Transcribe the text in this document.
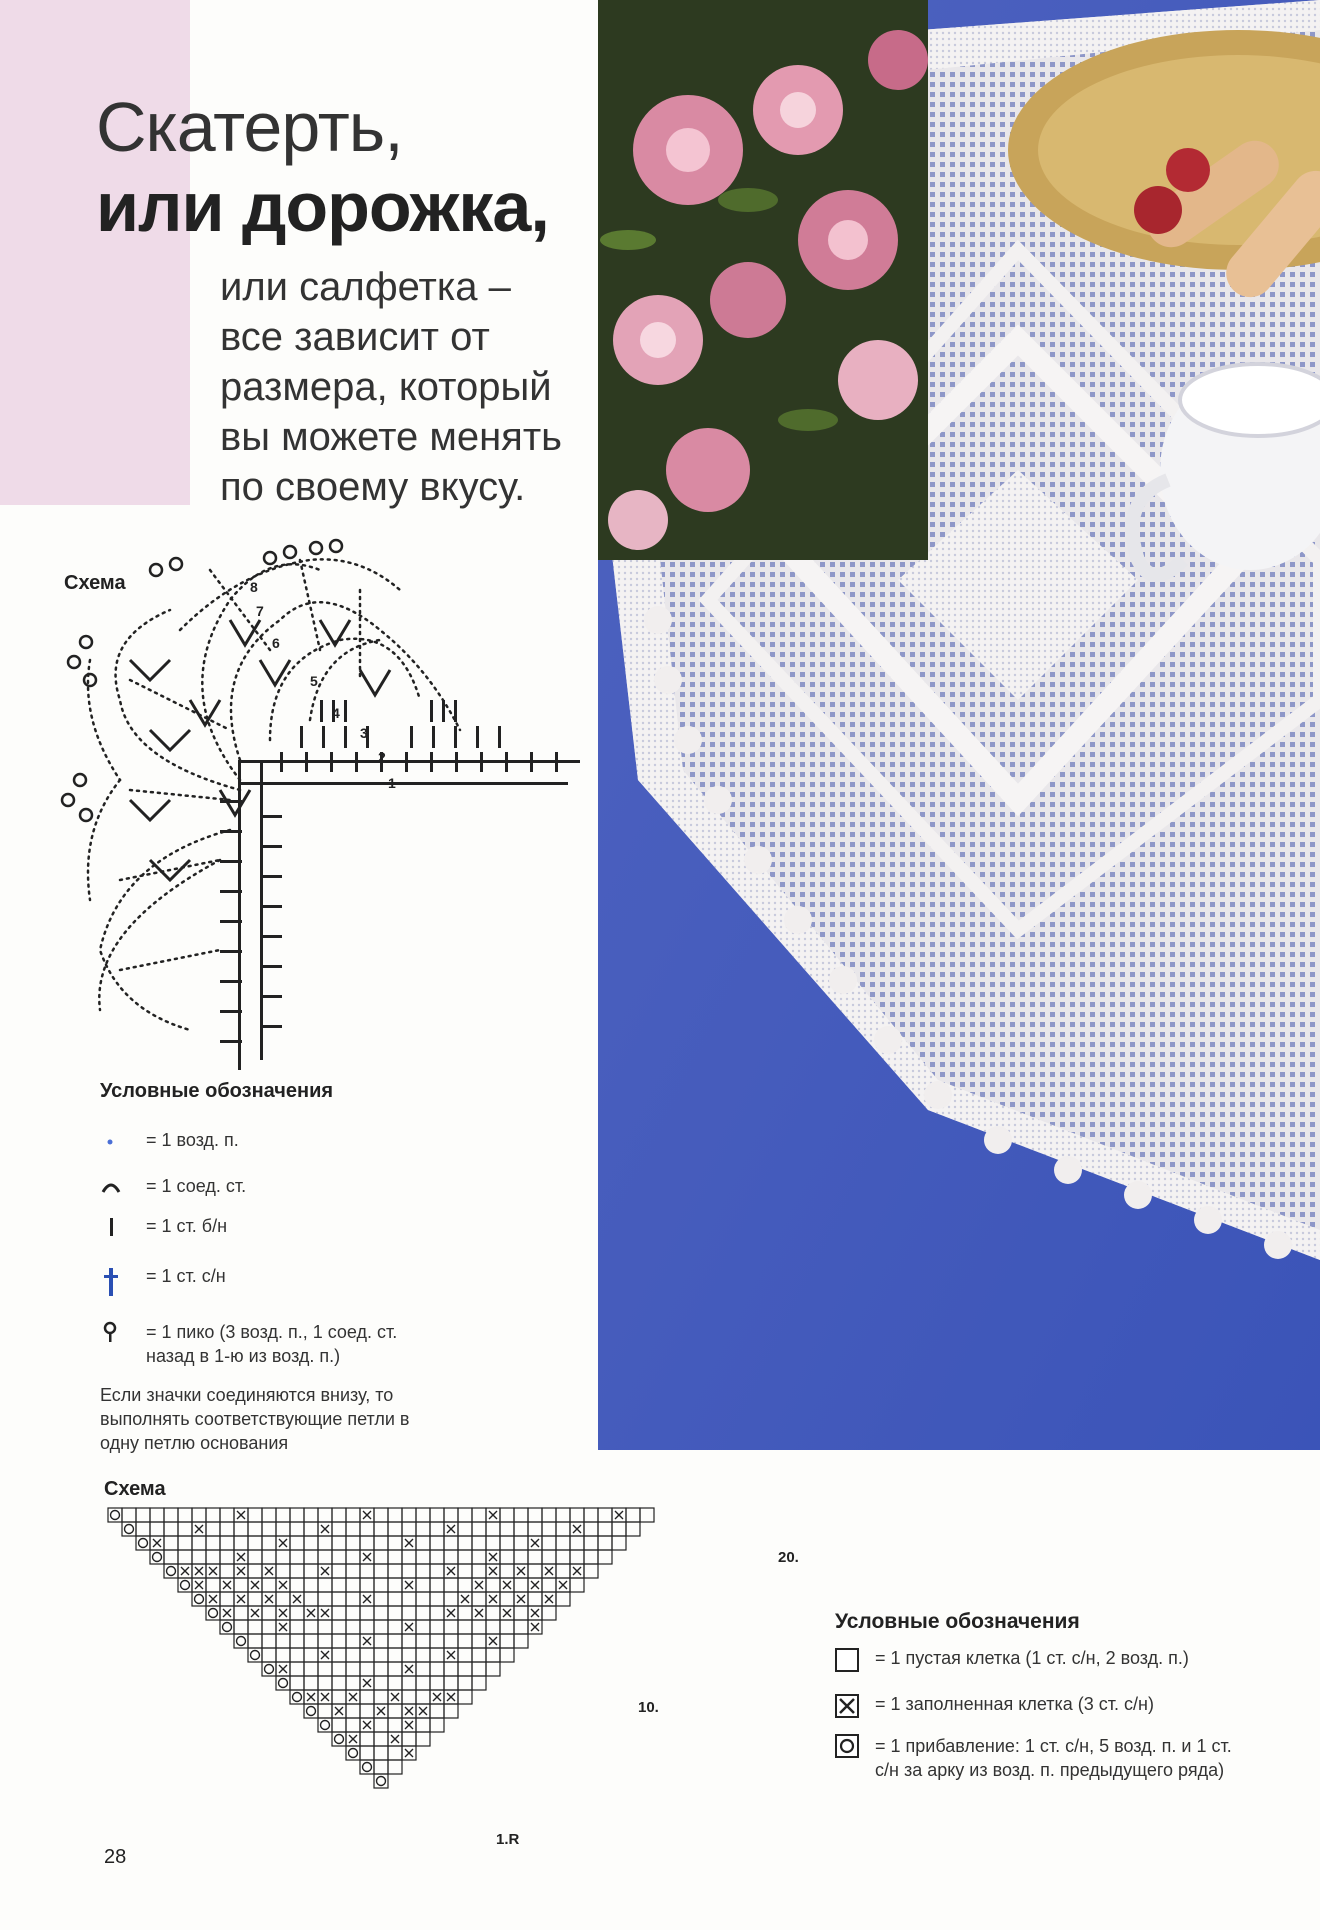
Скатерть,
или дорожка,
или салфетка – все зависит от размера, который вы можете менять по своему вкусу.
Схема
1
2
3
4
5
6
7
8
Условные обозначения
= 1 возд. п.
= 1 соед. ст.
= 1 ст. б/н
= 1 ст. с/н
= 1 пико (3 возд. п., 1 соед. ст. назад в 1-ю из возд. п.)
Если значки соединяются внизу, то выполнять соответствующие петли в одну петлю основания
Схема
20.
10.
1.R
Условные обозначения
= 1 пустая клетка (1 ст. с/н, 2 возд. п.)
= 1 заполненная клетка (3 ст. с/н)
= 1 прибавление: 1 ст. с/н, 5 возд. п. и 1 ст. с/н за арку из возд. п. предыдущего ряда)
28
